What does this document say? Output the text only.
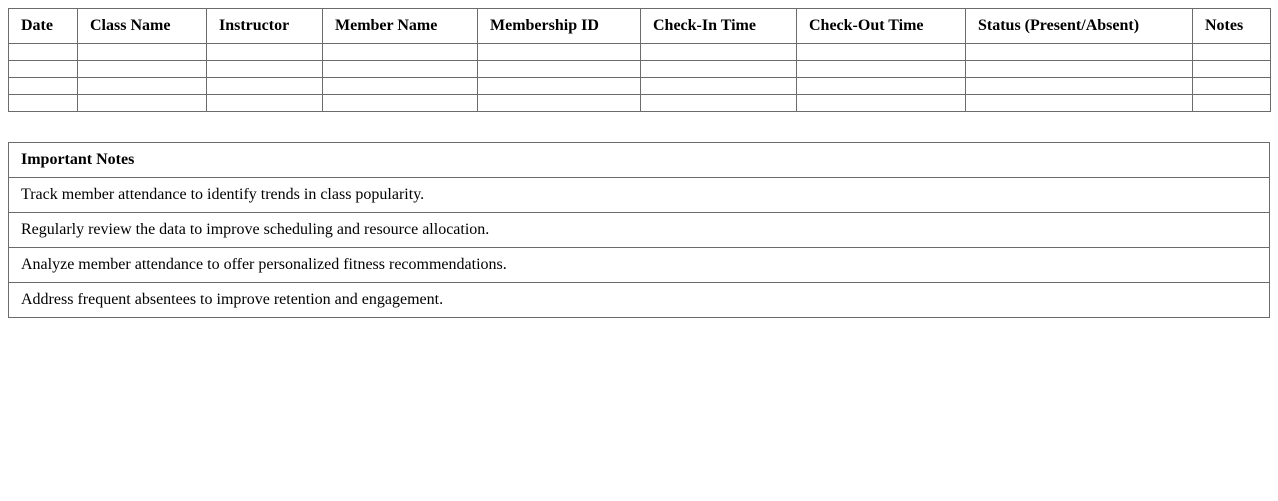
Date	Class Name	Instructor	Member Name	Membership ID	Check-In Time	Check-Out Time	Status (Present/Absent)	Notes

Important Notes
Track member attendance to identify trends in class popularity.
Regularly review the data to improve scheduling and resource allocation.
Analyze member attendance to offer personalized fitness recommendations.
Address frequent absentees to improve retention and engagement.
